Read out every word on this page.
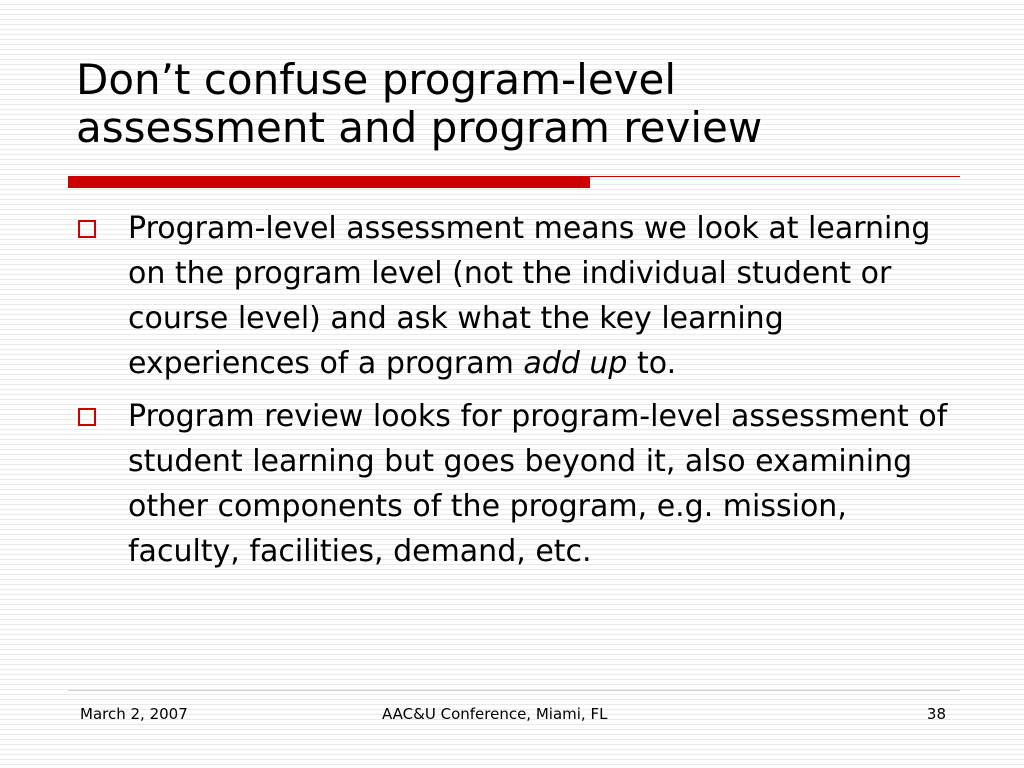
Don’t confuse program-level
assessment and program review
Program-level assessment means we look at learning on the program level (not the individual student or course level) and ask what the key learning experiences of a program add up to.
Program review looks for program-level assessment of student learning but goes beyond it, also examining other components of the program, e.g. mission, faculty, facilities, demand, etc.
March 2, 2007	AAC&U Conference, Miami, FL	38
